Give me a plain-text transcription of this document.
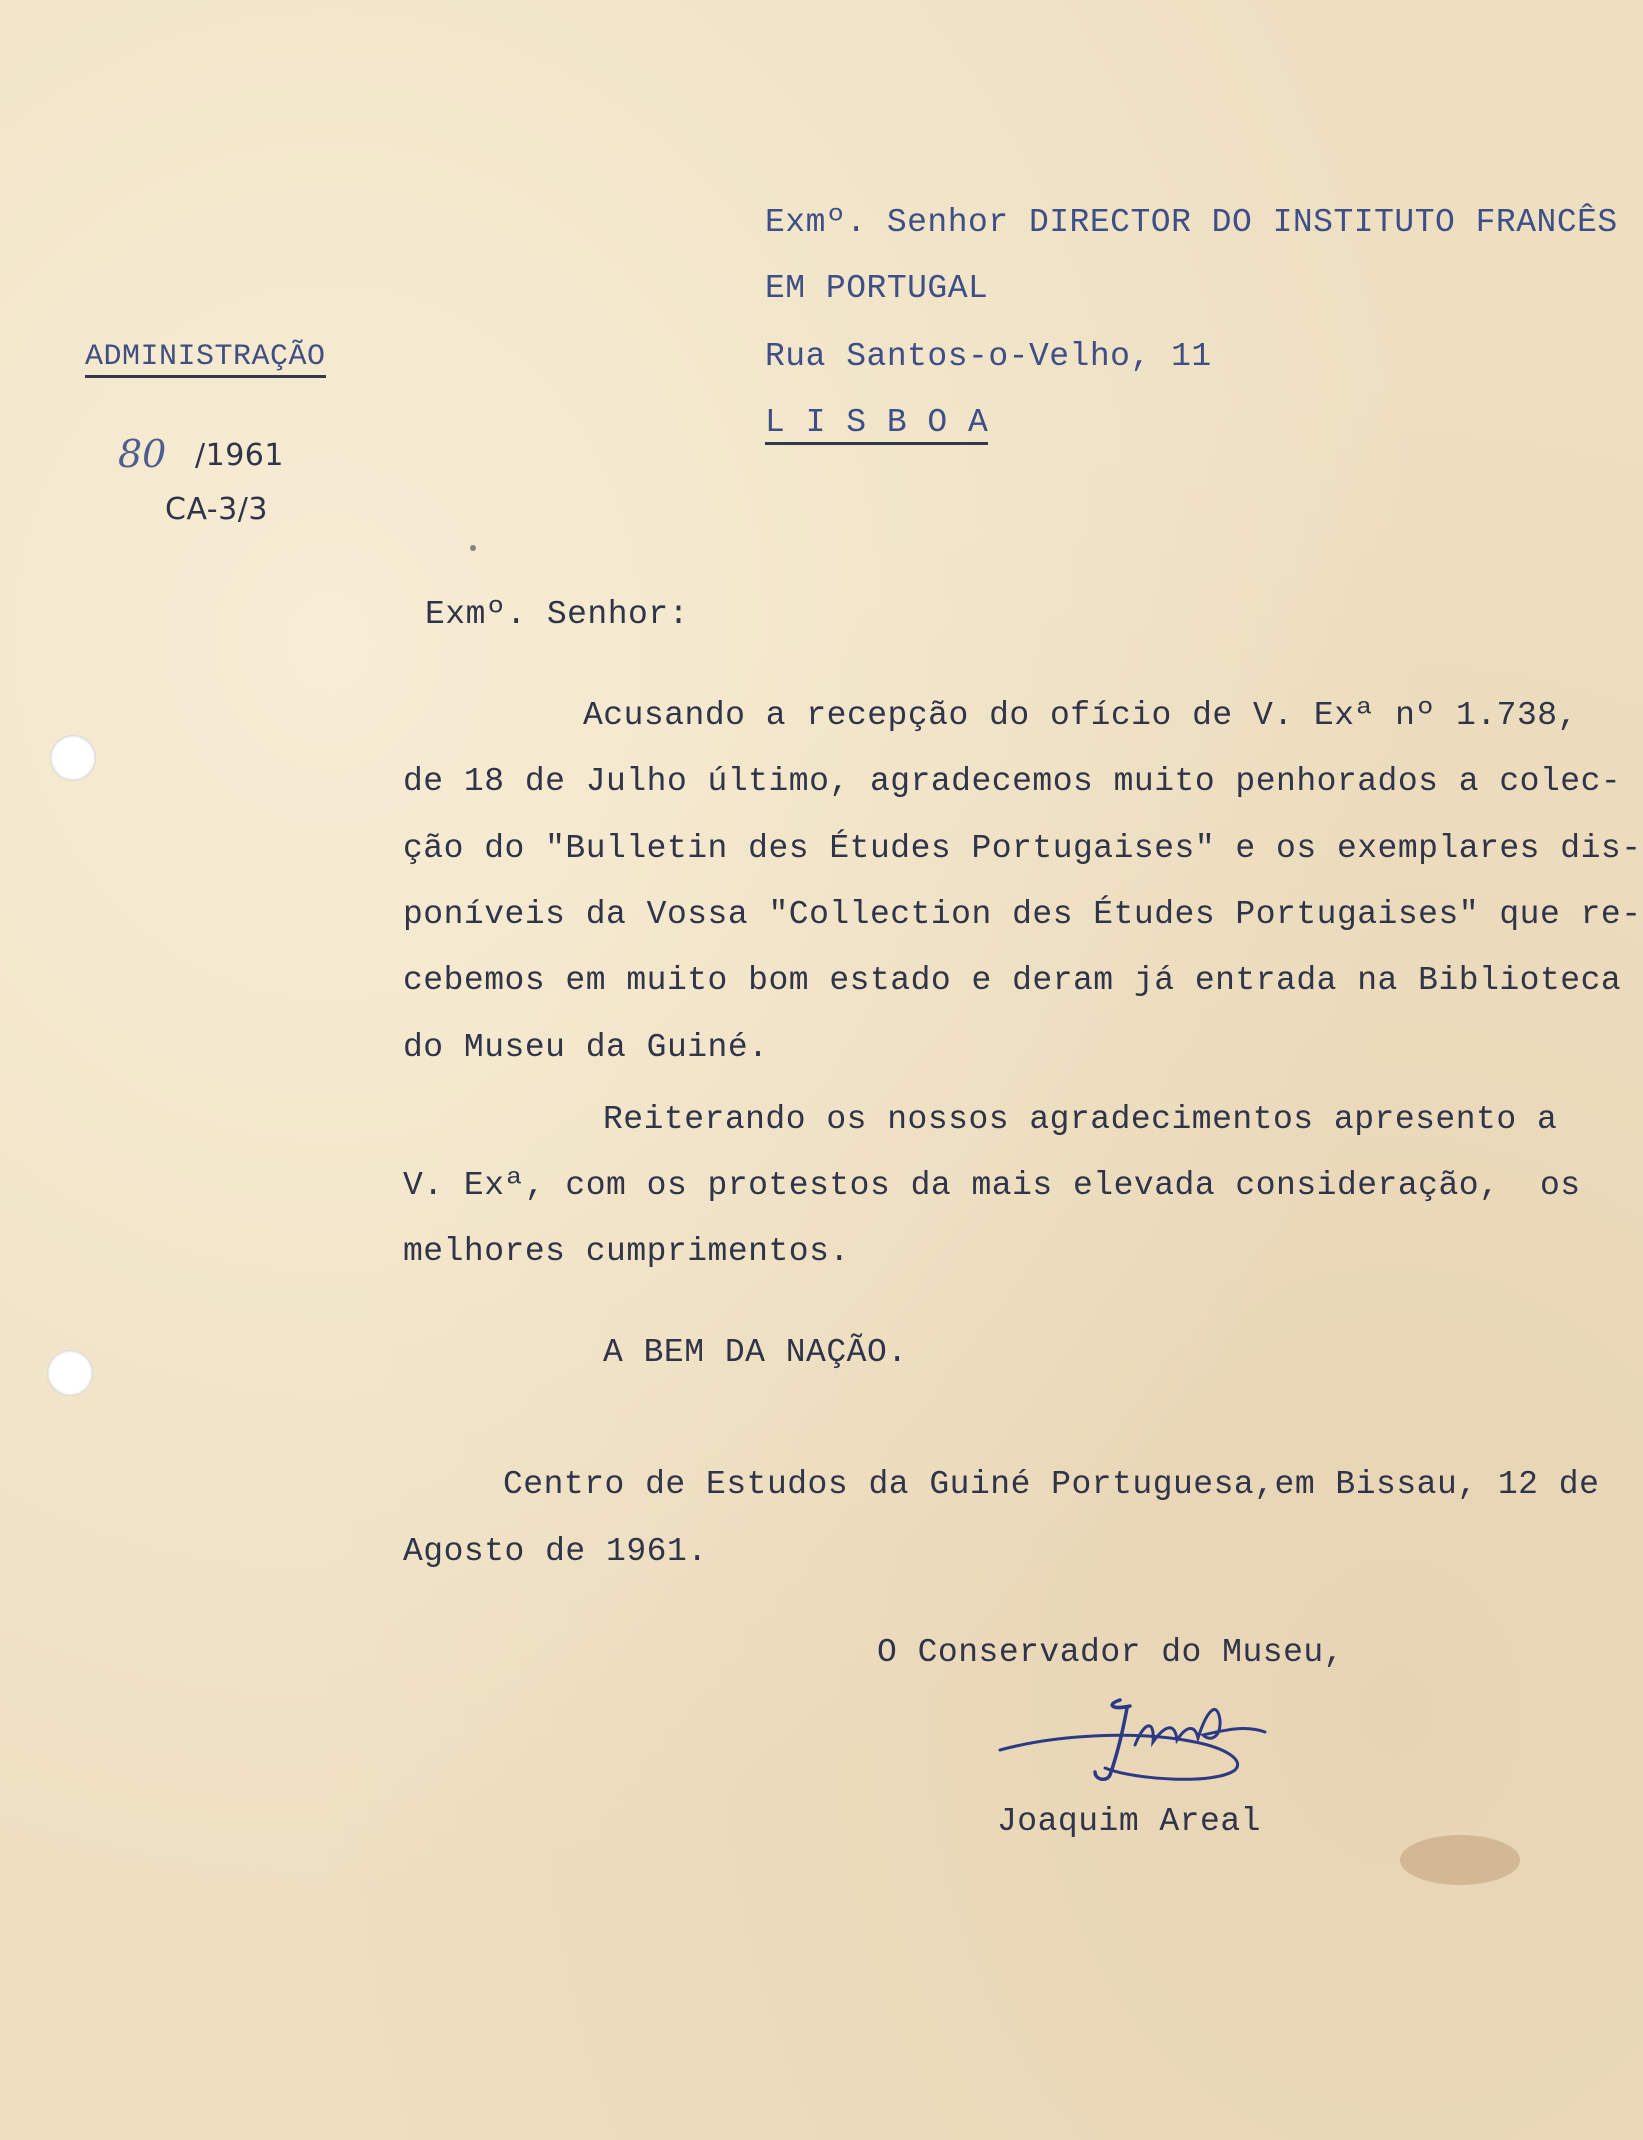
Exmº. Senhor DIRECTOR DO INSTITUTO FRANCÊS
EM PORTUGAL
Rua Santos-o-Velho, 11
L I S B O A
ADMINISTRAÇÃO
80 /1961
CA-3/3
Exmº. Senhor:
Acusando a recepção do ofício de V. Exª nº 1.738,
de 18 de Julho último, agradecemos muito penhorados a colec-
ção do "Bulletin des Études Portugaises" e os exemplares dis-
poníveis da Vossa "Collection des Études Portugaises" que re-
cebemos em muito bom estado e deram já entrada na Biblioteca
do Museu da Guiné.
Reiterando os nossos agradecimentos apresento a
V. Exª, com os protestos da mais elevada consideração,  os
melhores cumprimentos.
A BEM DA NAÇÃO.
Centro de Estudos da Guiné Portuguesa,em Bissau, 12 de
Agosto de 1961.
O Conservador do Museu,
Joaquim Areal
